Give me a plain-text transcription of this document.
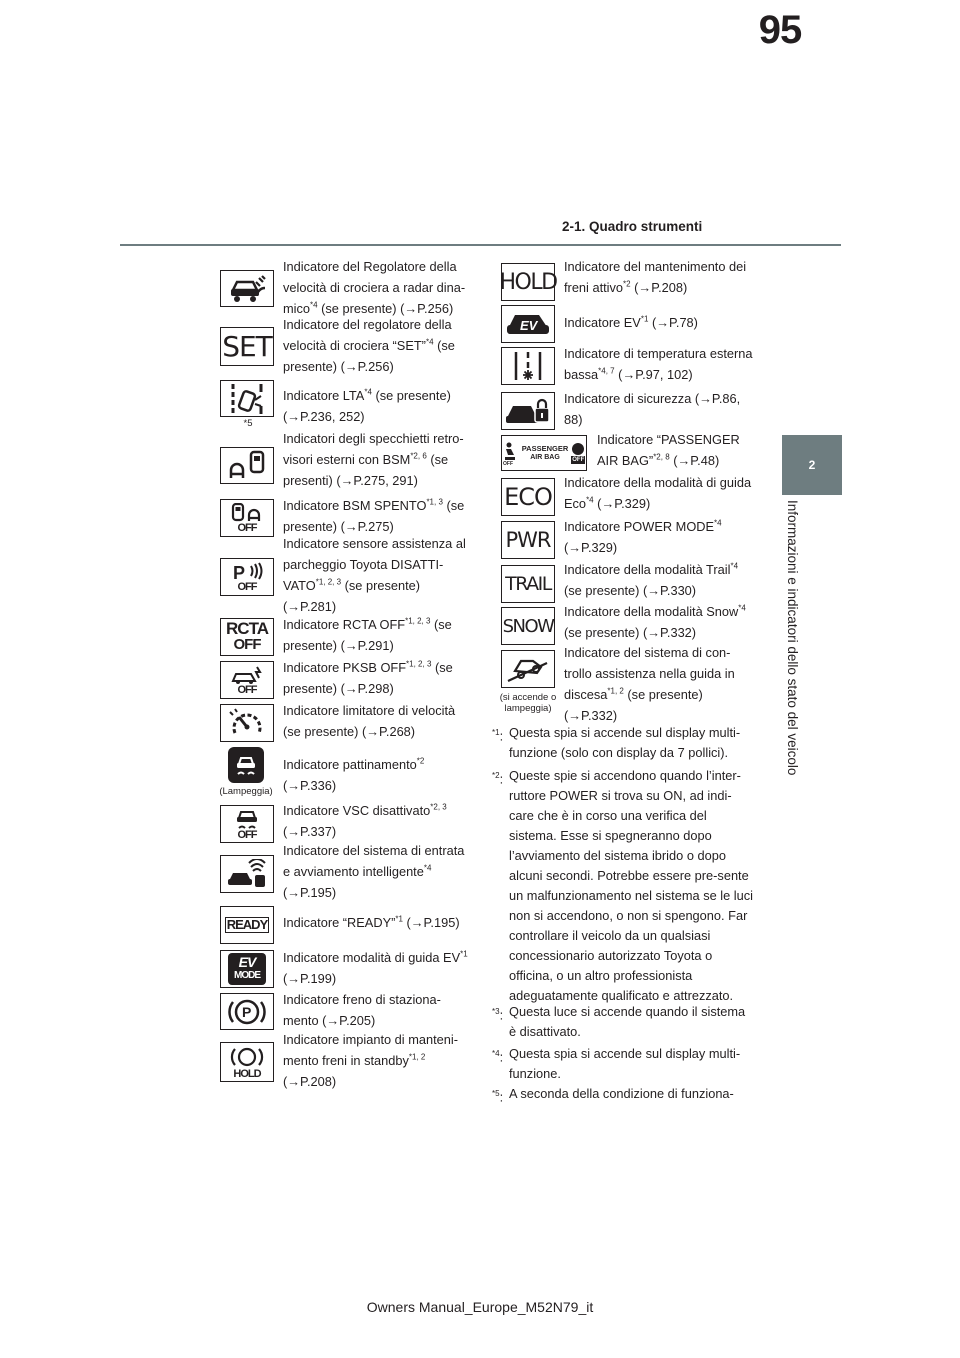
95
2-1. Quadro strumenti
2
Informazioni e indicatori dello stato del veicolo
Indicatore del Regolatore della velocità di crociera a radar dina-mico$^{*4}$ (se presente) (→P.256)
SET
Indicatore del regolatore della velocità di crociera “SET”$^{*4}$ (se presente) (→P.256)
*5
Indicatore LTA$^{*4}$ (se presente) (→P.236, 252)
Indicatori degli specchietti retro-visori esterni con BSM$^{*2, 6}$ (se presenti) (→P.275, 291)
OFF
Indicatore BSM SPENTO$^{*1, 3}$ (se presente) (→P.275)
P
OFF
Indicatore sensore assistenza al parcheggio Toyota DISATTI-VATO$^{*1, 2, 3}$ (se presente) (→P.281)
RCTA
OFF
Indicatore RCTA OFF$^{*1, 2, 3}$ (se presente) (→P.291)
OFF
Indicatore PKSB OFF$^{*1, 2, 3}$ (se presente) (→P.298)
Indicatore limitatore di velocità (se presente) (→P.268)
(Lampeggia)
Indicatore pattinamento$^{*2}$
(→P.336)
OFF
Indicatore VSC disattivato$^{*2, 3}$
(→P.337)
Indicatore del sistema di entrata e avviamento intelligente$^{*4}$
(→P.195)
READY Indicatore “READY”$^{*1}$ (→P.195)
EV
MODE
Indicatore modalità di guida EV$^{*1}$
(→P.199)
P
Indicatore freno di staziona-mento (→P.205)
HOLD
Indicatore impianto di manteni-mento freni in standby$^{*1, 2}$
(→P.208)
HOLD
Indicatore del mantenimento dei freni attivo$^{*2}$ (→P.208)
EV Indicatore EV$^{*1}$ (→P.78)
Indicatore di temperatura esterna bassa$^{*4, 7}$ (→P.97, 102)
Indicatore di sicurezza (→P.86, 88)
OFF
PASSENGER
AIR BAG OFF
Indicatore “PASSENGER AIR BAG”$^{*2, 8}$ (→P.48)
ECO
Indicatore della modalità di guida Eco$^{*4}$ (→P.329)
PWR
Indicatore POWER MODE$^{*4}$ (→P.329)
TRAIL
Indicatore della modalità Trail$^{*4}$ (se presente) (→P.330)
SNOW
Indicatore della modalità Snow$^{*4}$ (se presente) (→P.332)
(si accende o lampeggia)
Indicatore del sistema di con-trollo assistenza nella guida in discesa$^{*1, 2}$ (se presente) (→P.332)
$^{*1}$: Questa spia si accende sul display multi-funzione (solo con display da 7 pollici).
$^{*2}$: Queste spie si accendono quando l’inter-ruttore POWER si trova su ON, ad indi-care che è in corso una verifica del sistema. Esse si spegneranno dopo l’avviamento del sistema ibrido o dopo alcuni secondi. Potrebbe essere pre-sente un malfunzionamento nel sistema se le luci non si accendono, o non si spengono. Far controllare il veicolo da un qualsiasi concessionario autorizzato Toyota o officina, o un altro professionista adeguatamente qualificato e attrezzato.
$^{*3}$: Questa luce si accende quando il sistema è disattivato.
$^{*4}$: Questa spia si accende sul display multi-funzione.
$^{*5}$: A seconda della condizione di funziona-
Owners Manual_Europe_M52N79_it
